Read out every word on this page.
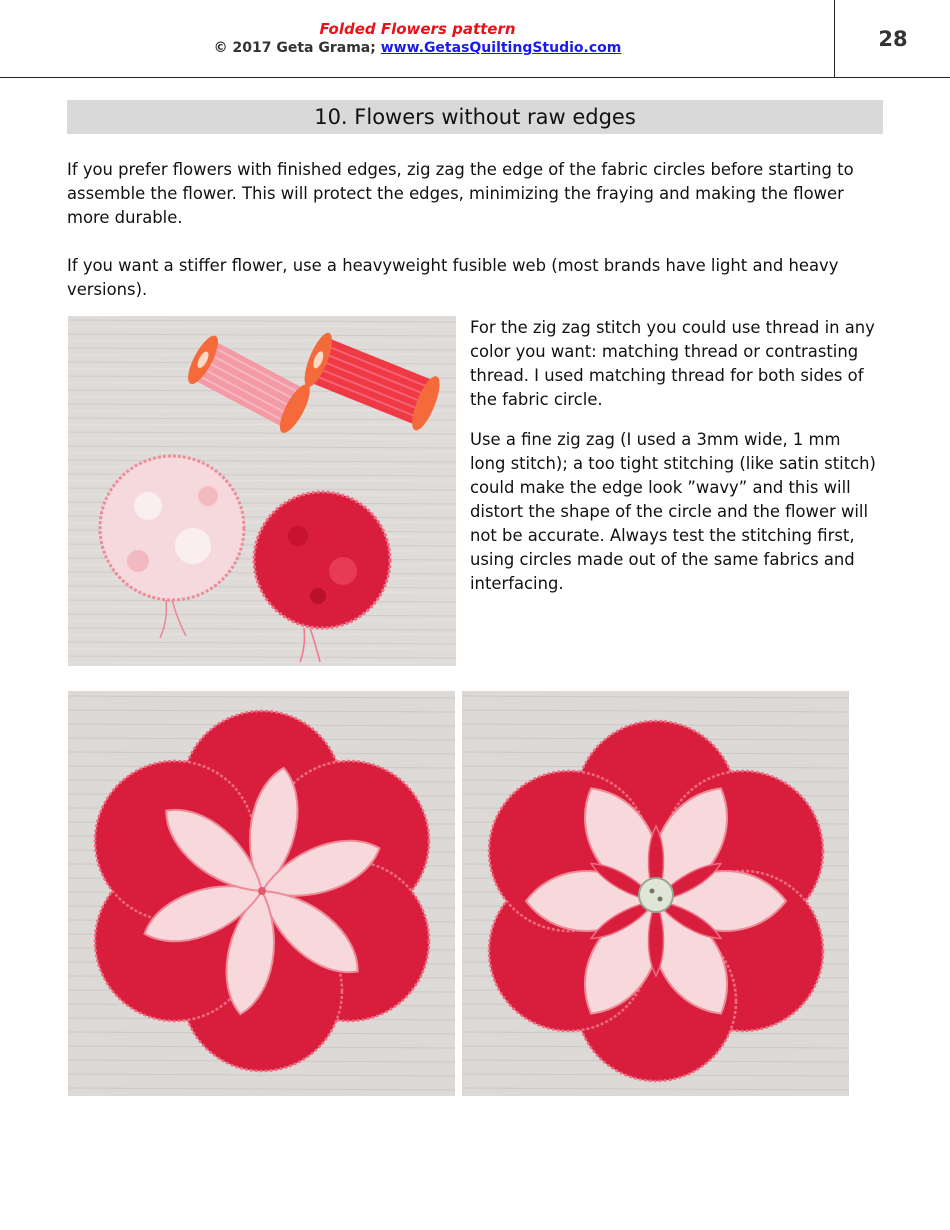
Folded Flowers pattern
© 2017 Geta Grama; www.GetasQuiltingStudio.com	28
10. Flowers without raw edges

If you prefer flowers with finished edges, zig zag the edge of the fabric circles before starting to assemble the flower. This will protect the edges, minimizing the fraying and making the flower more durable.

If you want a stiffer flower, use a heavyweight fusible web (most brands have light and heavy versions).

For the zig zag stitch you could use thread in any color you want: matching thread or contrasting thread. I used matching thread for both sides of the fabric circle.

Use a fine zig zag (I used a 3mm wide, 1 mm long stitch); a too tight stitching (like satin stitch) could make the edge look ”wavy” and this will distort the shape of the circle and the flower will not be accurate. Always test the stitching first, using circles made out of the same fabrics and interfacing.
